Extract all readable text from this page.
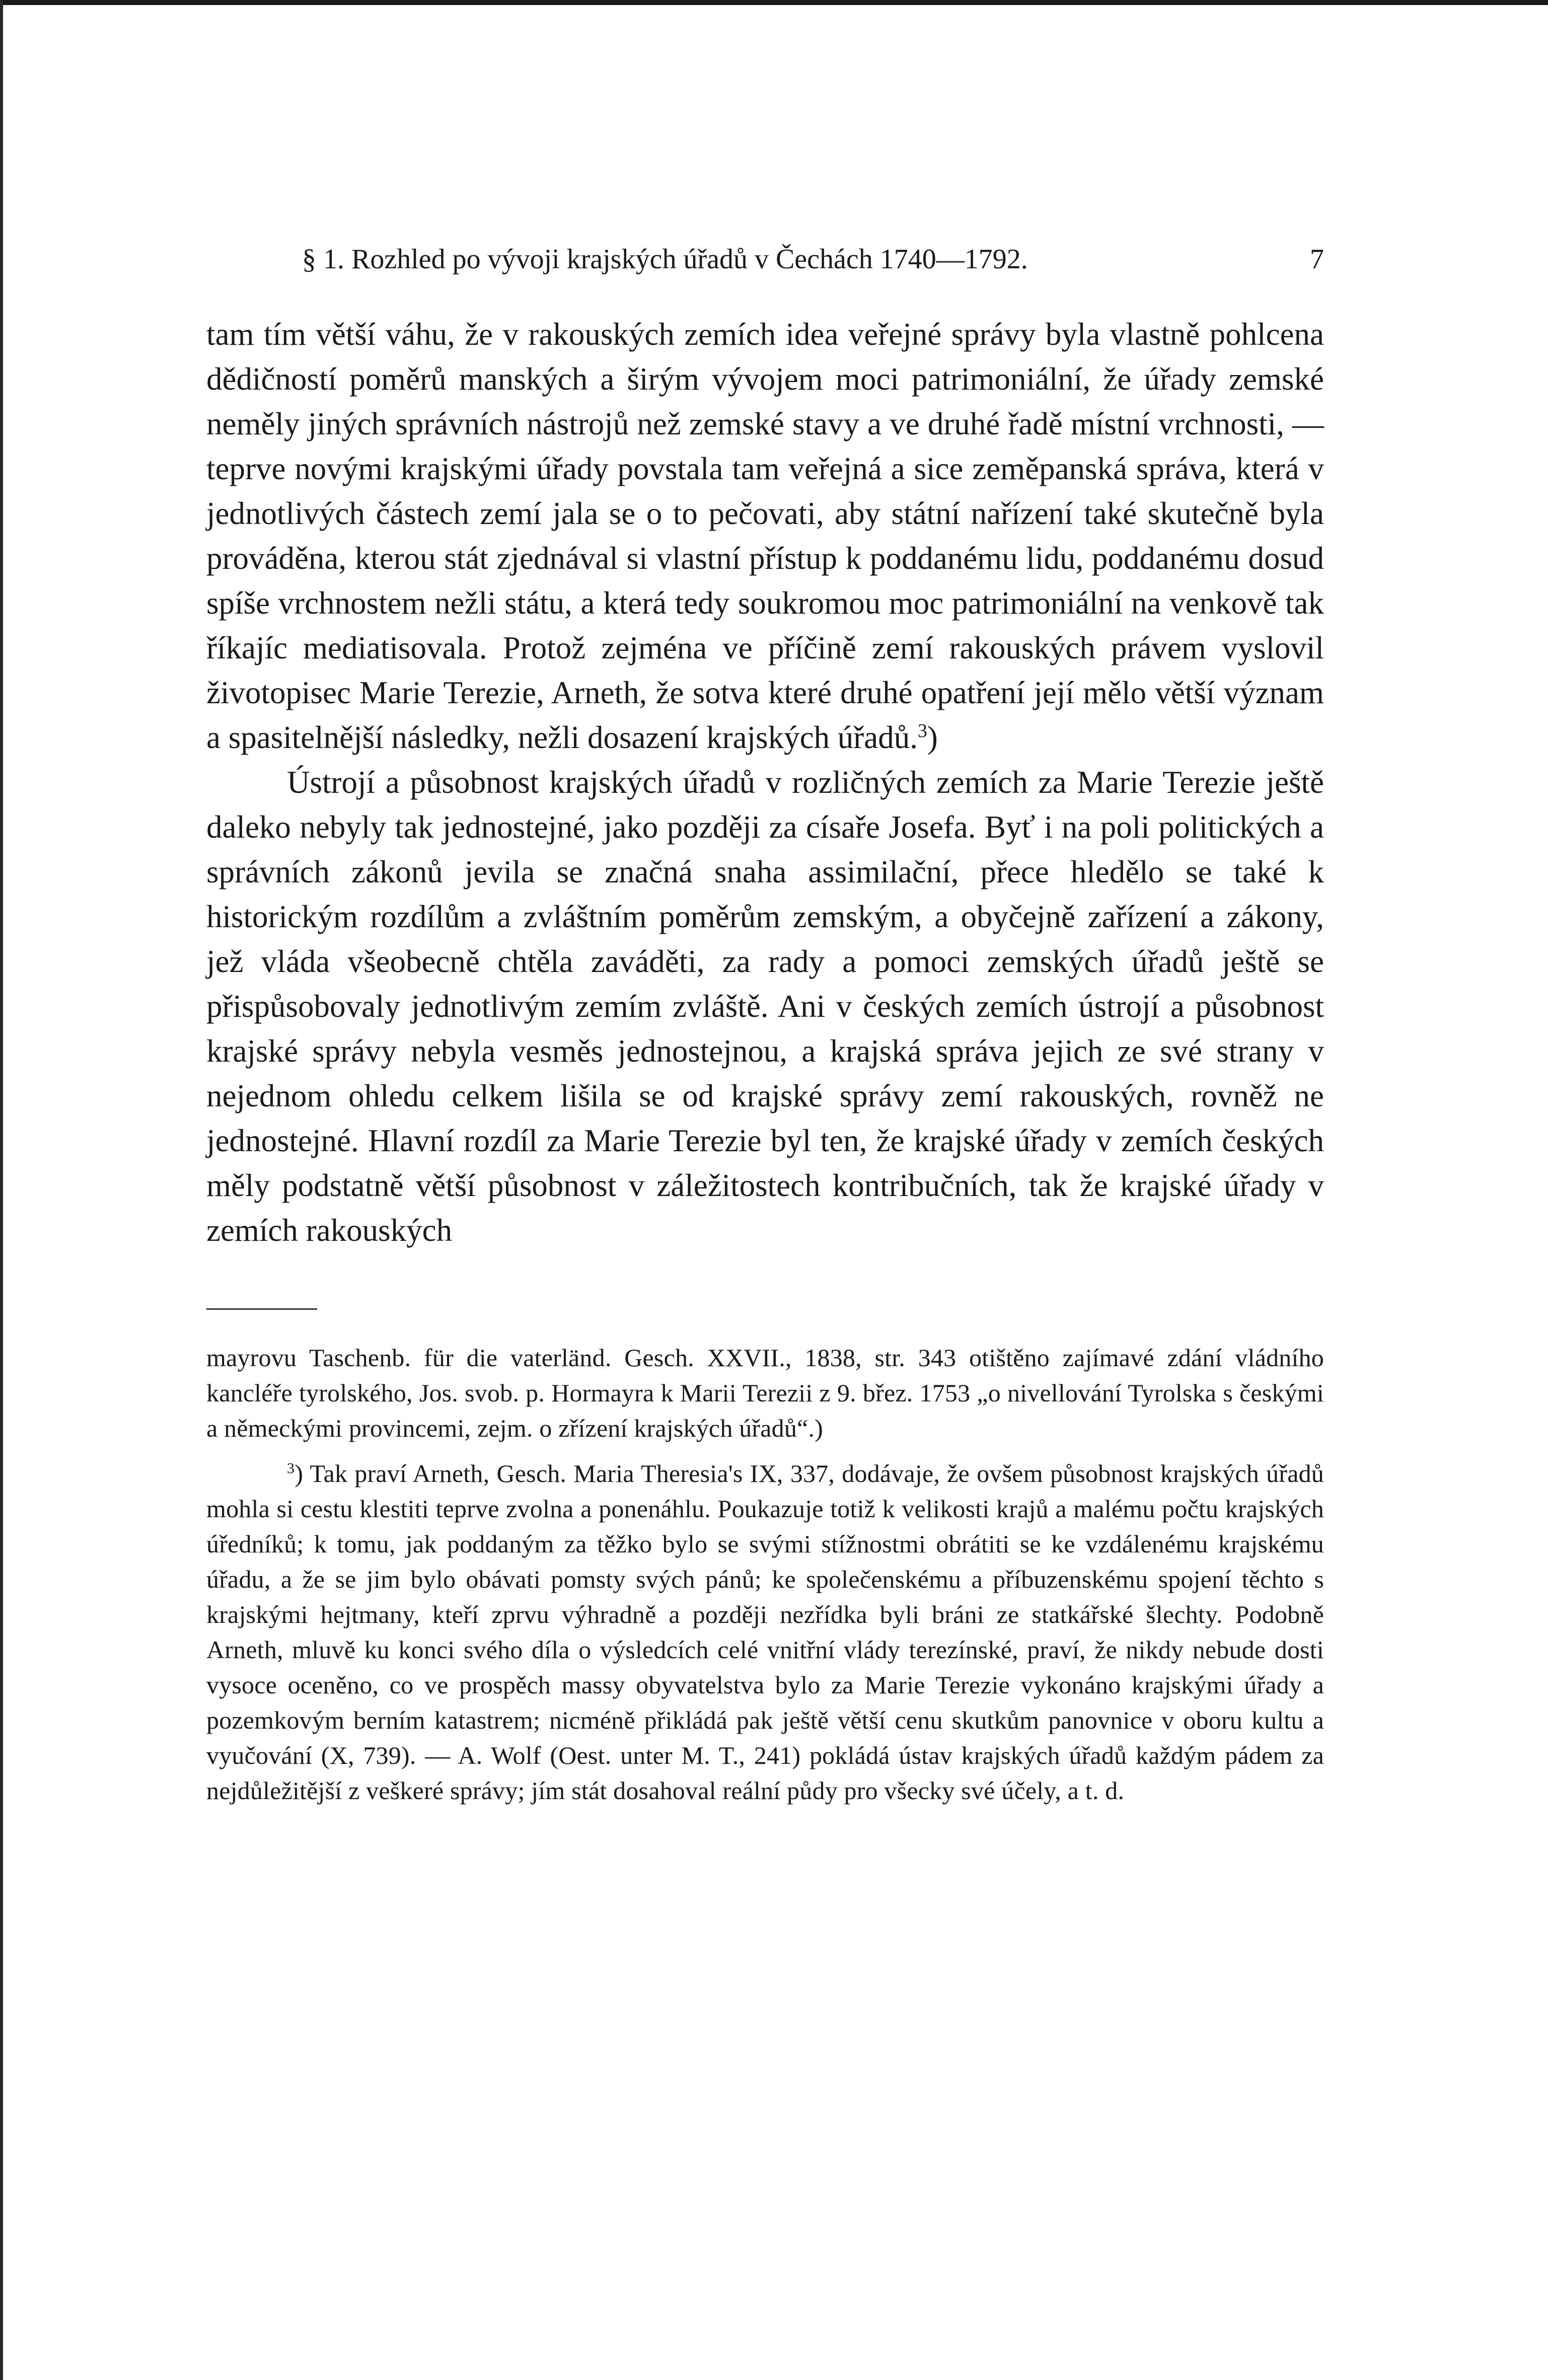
§ 1. Rozhled po vývoji krajských úřadů v Čechách 1740—1792.	7

tam tím větší váhu, že v rakouských zemích idea veřejné správy byla vlastně pohlcena dědičností poměrů manských a širým vývojem moci patrimoniální, že úřady zemské neměly jiných správních nástrojů než zemské stavy a ve druhé řadě místní vrchnosti, — teprve novými krajskými úřady povstala tam veřejná a sice zeměpanská správa, která v jednotlivých částech zemí jala se o to pečovati, aby státní nařízení také skutečně byla prováděna, kterou stát zjednával si vlastní přístup k poddanému lidu, poddanému dosud spíše vrchnostem nežli státu, a která tedy soukromou moc patrimoniální na venkově tak říkajíc mediatisovala. Protož zejména ve příčině zemí rakouských právem vyslovil životopisec Marie Terezie, Arneth, že sotva které druhé opatření její mělo větší význam a spasitelnější následky, nežli dosazení krajských úřadů.$^3$)

Ústrojí a působnost krajských úřadů v rozličných zemích za Marie Terezie ještě daleko nebyly tak jednostejné, jako později za císaře Josefa. Byť i na poli politických a správních zákonů jevila se značná snaha assimilační, přece hledělo se také k historickým rozdílům a zvláštním poměrům zemským, a obyčejně zařízení a zákony, jež vláda všeobecně chtěla zaváděti, za rady a pomoci zemských úřadů ještě se přispůsobovaly jednotlivým zemím zvláště. Ani v českých zemích ústrojí a působnost krajské správy nebyla vesměs jednostejnou, a krajská správa jejich ze své strany v nejednom ohledu celkem lišila se od krajské správy zemí rakouských, rovněž ne jednostejné. Hlavní rozdíl za Marie Terezie byl ten, že krajské úřady v zemích českých měly podstatně větší působnost v záležitostech kontribučních, tak že krajské úřady v zemích rakouských

mayrovu Taschenb. für die vaterländ. Gesch. XXVII., 1838, str. 343 otištěno zajímavé zdání vládního kancléře tyrolského, Jos. svob. p. Hormayra k Marii Terezii z 9. břez. 1753 „o nivellování Tyrolska s českými a německými provincemi, zejm. o zřízení krajských úřadů“.)

$^3$) Tak praví Arneth, Gesch. Maria Theresia's IX, 337, dodávaje, že ovšem působnost krajských úřadů mohla si cestu klestiti teprve zvolna a ponenáhlu. Poukazuje totiž k velikosti krajů a malému počtu krajských úředníků; k tomu, jak poddaným za těžko bylo se svými stížnostmi obrátiti se ke vzdálenému krajskému úřadu, a že se jim bylo obávati pomsty svých pánů; ke společenskému a příbuzenskému spojení těchto s krajskými hejtmany, kteří zprvu výhradně a později nezřídka byli bráni ze statkářské šlechty. Podobně Arneth, mluvě ku konci svého díla o výsledcích celé vnitřní vlády terezínské, praví, že nikdy nebude dosti vysoce oceněno, co ve prospěch massy obyvatelstva bylo za Marie Terezie vykonáno krajskými úřady a pozemkovým berním katastrem; nicméně přikládá pak ještě větší cenu skutkům panovnice v oboru kultu a vyučování (X, 739). — A. Wolf (Oest. unter M. T., 241) pokládá ústav krajských úřadů každým pádem za nejdůležitější z veškeré správy; jím stát dosahoval reální půdy pro všecky své účely, a t. d.
